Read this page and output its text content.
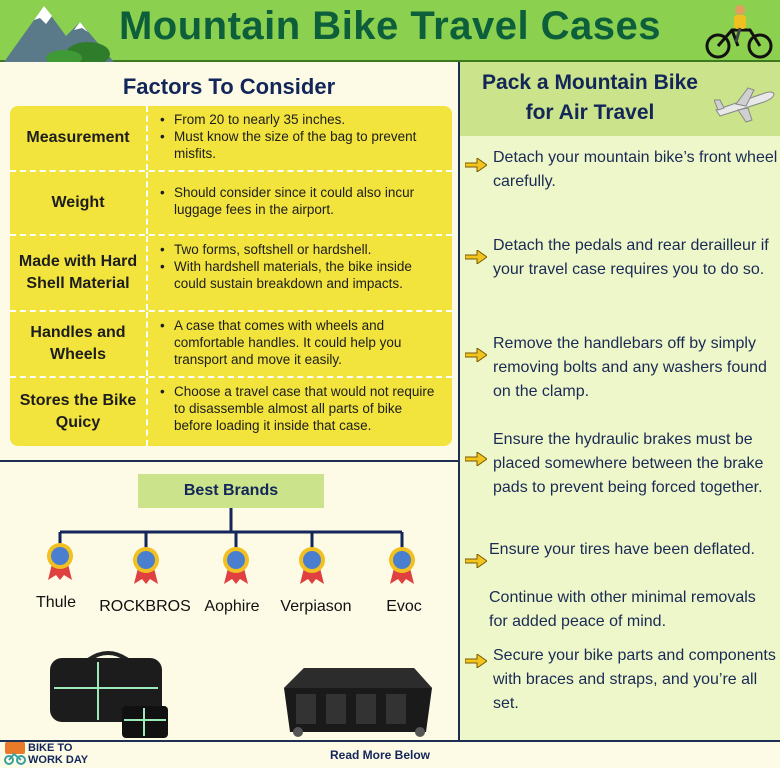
Mountain Bike Travel Cases
Factors To Consider
Measurement
• From 20 to nearly 35 inches.
• Must know the size of the bag to prevent misfits.
Weight
• Should consider since it could also incur luggage fees in the airport.
Made with Hard Shell Material
• Two forms, softshell or hardshell.
• With hardshell materials, the bike inside could sustain breakdown and impacts.
Handles and Wheels
• A case that comes with wheels and comfortable handles. It could help you transport and move it easily.
Stores the Bike Quicy
• Choose a travel case that would not require to disassemble almost all parts of bike before loading it inside that case.
Best Brands
Thule	ROCKBROS Aophire	Verpiason	Evoc
Pack a Mountain Bike
for Air Travel
Detach your mountain bike’s front wheel carefully.
Detach the pedals and rear derailleur if your travel case requires you to do so.
Remove the handlebars off by simply removing bolts and any washers found on the clamp.
Ensure the hydraulic brakes must be placed somewhere between the brake pads to prevent being forced together.
Ensure your tires have been deflated.
Continue with other minimal removals for added peace of mind.
Secure your bike parts and components with braces and straps, and you’re all set.
BIKE TO
WORK DAY	Read More Below
